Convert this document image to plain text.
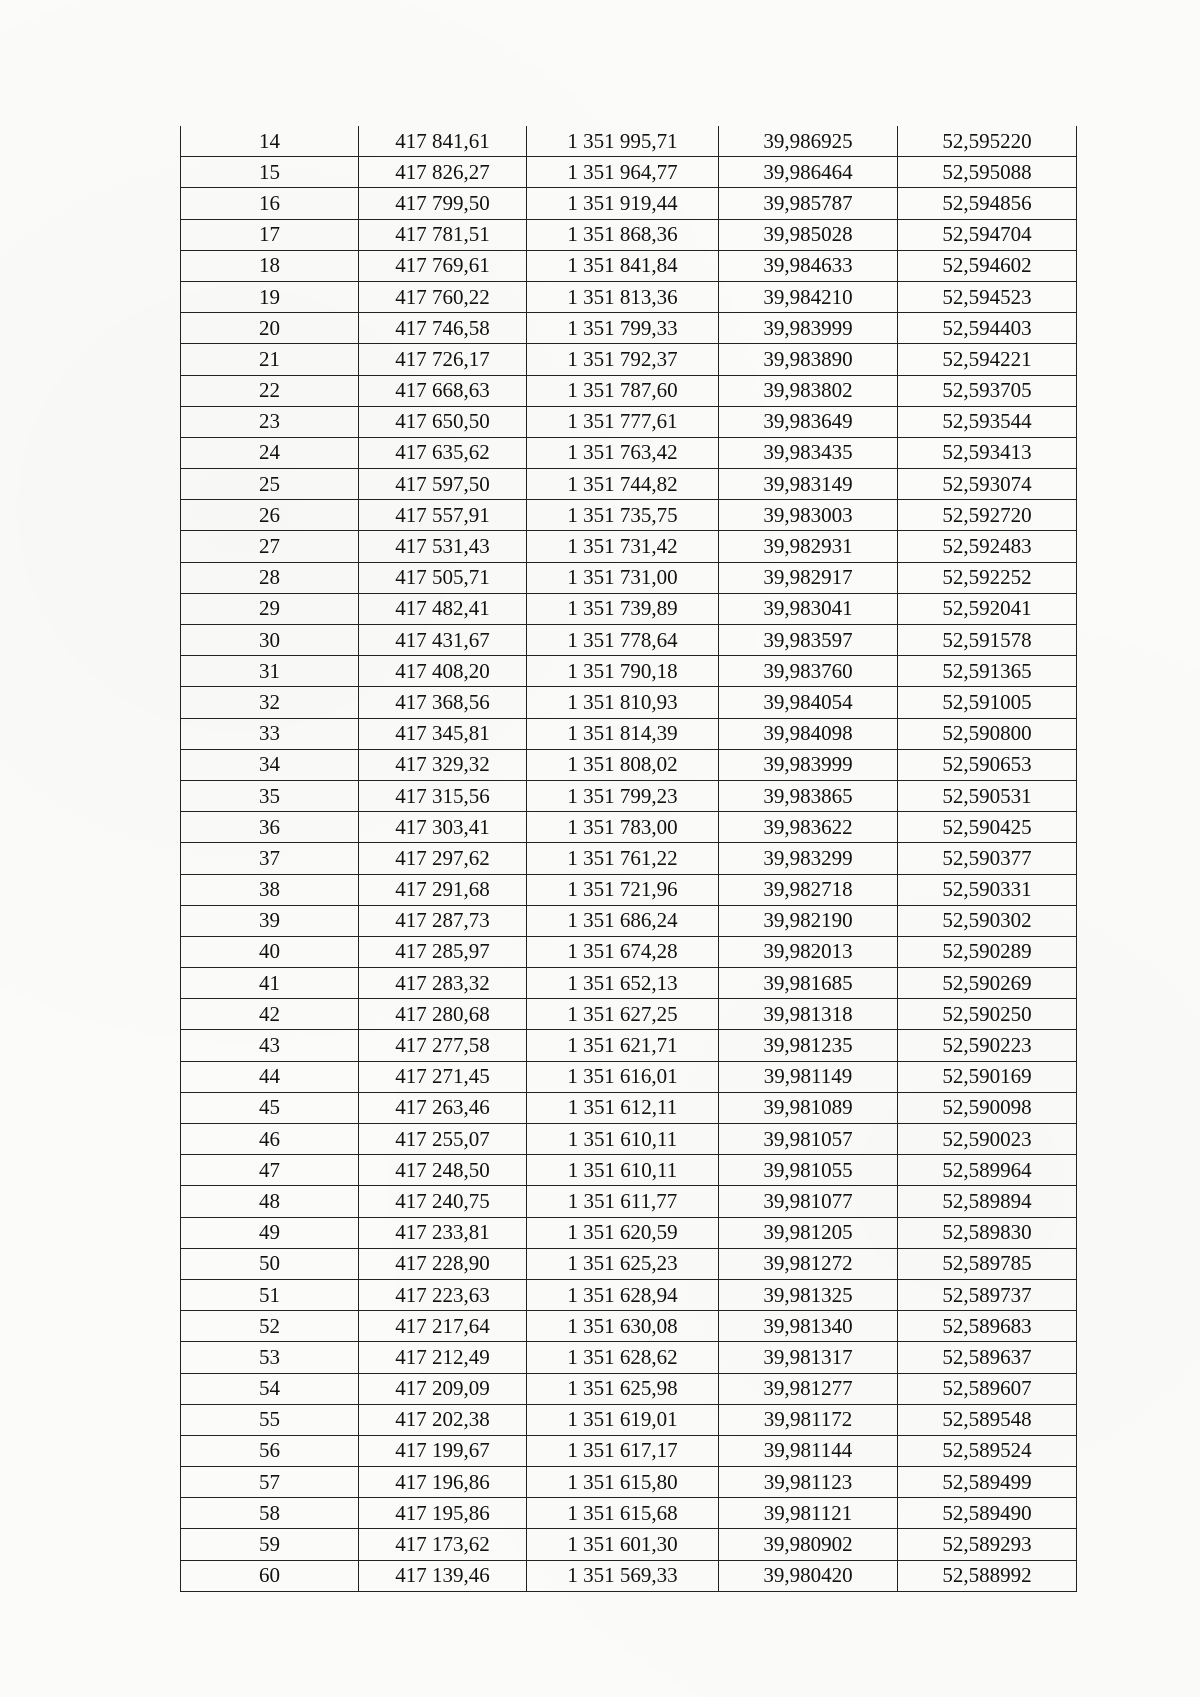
14	417 841,61	1 351 995,71	39,986925	52,595220
15	417 826,27	1 351 964,77	39,986464	52,595088
16	417 799,50	1 351 919,44	39,985787	52,594856
17	417 781,51	1 351 868,36	39,985028	52,594704
18	417 769,61	1 351 841,84	39,984633	52,594602
19	417 760,22	1 351 813,36	39,984210	52,594523
20	417 746,58	1 351 799,33	39,983999	52,594403
21	417 726,17	1 351 792,37	39,983890	52,594221
22	417 668,63	1 351 787,60	39,983802	52,593705
23	417 650,50	1 351 777,61	39,983649	52,593544
24	417 635,62	1 351 763,42	39,983435	52,593413
25	417 597,50	1 351 744,82	39,983149	52,593074
26	417 557,91	1 351 735,75	39,983003	52,592720
27	417 531,43	1 351 731,42	39,982931	52,592483
28	417 505,71	1 351 731,00	39,982917	52,592252
29	417 482,41	1 351 739,89	39,983041	52,592041
30	417 431,67	1 351 778,64	39,983597	52,591578
31	417 408,20	1 351 790,18	39,983760	52,591365
32	417 368,56	1 351 810,93	39,984054	52,591005
33	417 345,81	1 351 814,39	39,984098	52,590800
34	417 329,32	1 351 808,02	39,983999	52,590653
35	417 315,56	1 351 799,23	39,983865	52,590531
36	417 303,41	1 351 783,00	39,983622	52,590425
37	417 297,62	1 351 761,22	39,983299	52,590377
38	417 291,68	1 351 721,96	39,982718	52,590331
39	417 287,73	1 351 686,24	39,982190	52,590302
40	417 285,97	1 351 674,28	39,982013	52,590289
41	417 283,32	1 351 652,13	39,981685	52,590269
42	417 280,68	1 351 627,25	39,981318	52,590250
43	417 277,58	1 351 621,71	39,981235	52,590223
44	417 271,45	1 351 616,01	39,981149	52,590169
45	417 263,46	1 351 612,11	39,981089	52,590098
46	417 255,07	1 351 610,11	39,981057	52,590023
47	417 248,50	1 351 610,11	39,981055	52,589964
48	417 240,75	1 351 611,77	39,981077	52,589894
49	417 233,81	1 351 620,59	39,981205	52,589830
50	417 228,90	1 351 625,23	39,981272	52,589785
51	417 223,63	1 351 628,94	39,981325	52,589737
52	417 217,64	1 351 630,08	39,981340	52,589683
53	417 212,49	1 351 628,62	39,981317	52,589637
54	417 209,09	1 351 625,98	39,981277	52,589607
55	417 202,38	1 351 619,01	39,981172	52,589548
56	417 199,67	1 351 617,17	39,981144	52,589524
57	417 196,86	1 351 615,80	39,981123	52,589499
58	417 195,86	1 351 615,68	39,981121	52,589490
59	417 173,62	1 351 601,30	39,980902	52,589293
60	417 139,46	1 351 569,33	39,980420	52,588992
